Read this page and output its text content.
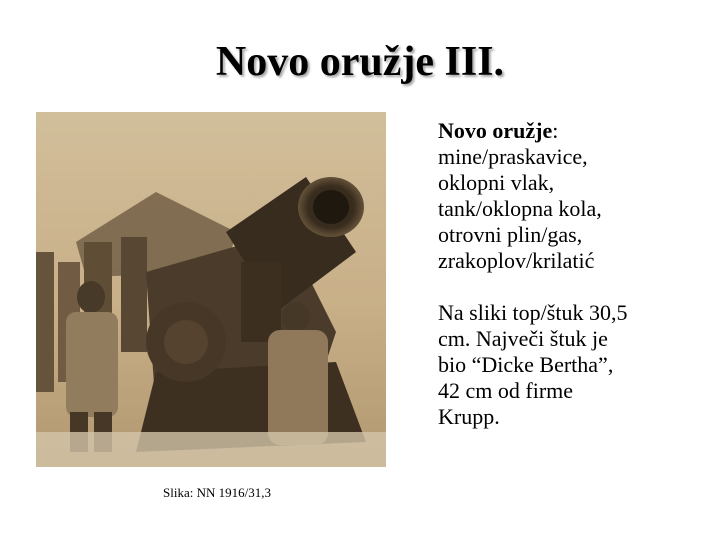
Novo oružje III.
Slika: NN 1916/31,3
Novo oružje:
mine/praskavice,
oklopni vlak,
tank/oklopna kola,
otrovni plin/gas,
zrakoplov/krilatić
Na sliki top/štuk 30,5
cm. Največi štuk je
bio “Dicke Bertha”,
42 cm od firme
Krupp.
